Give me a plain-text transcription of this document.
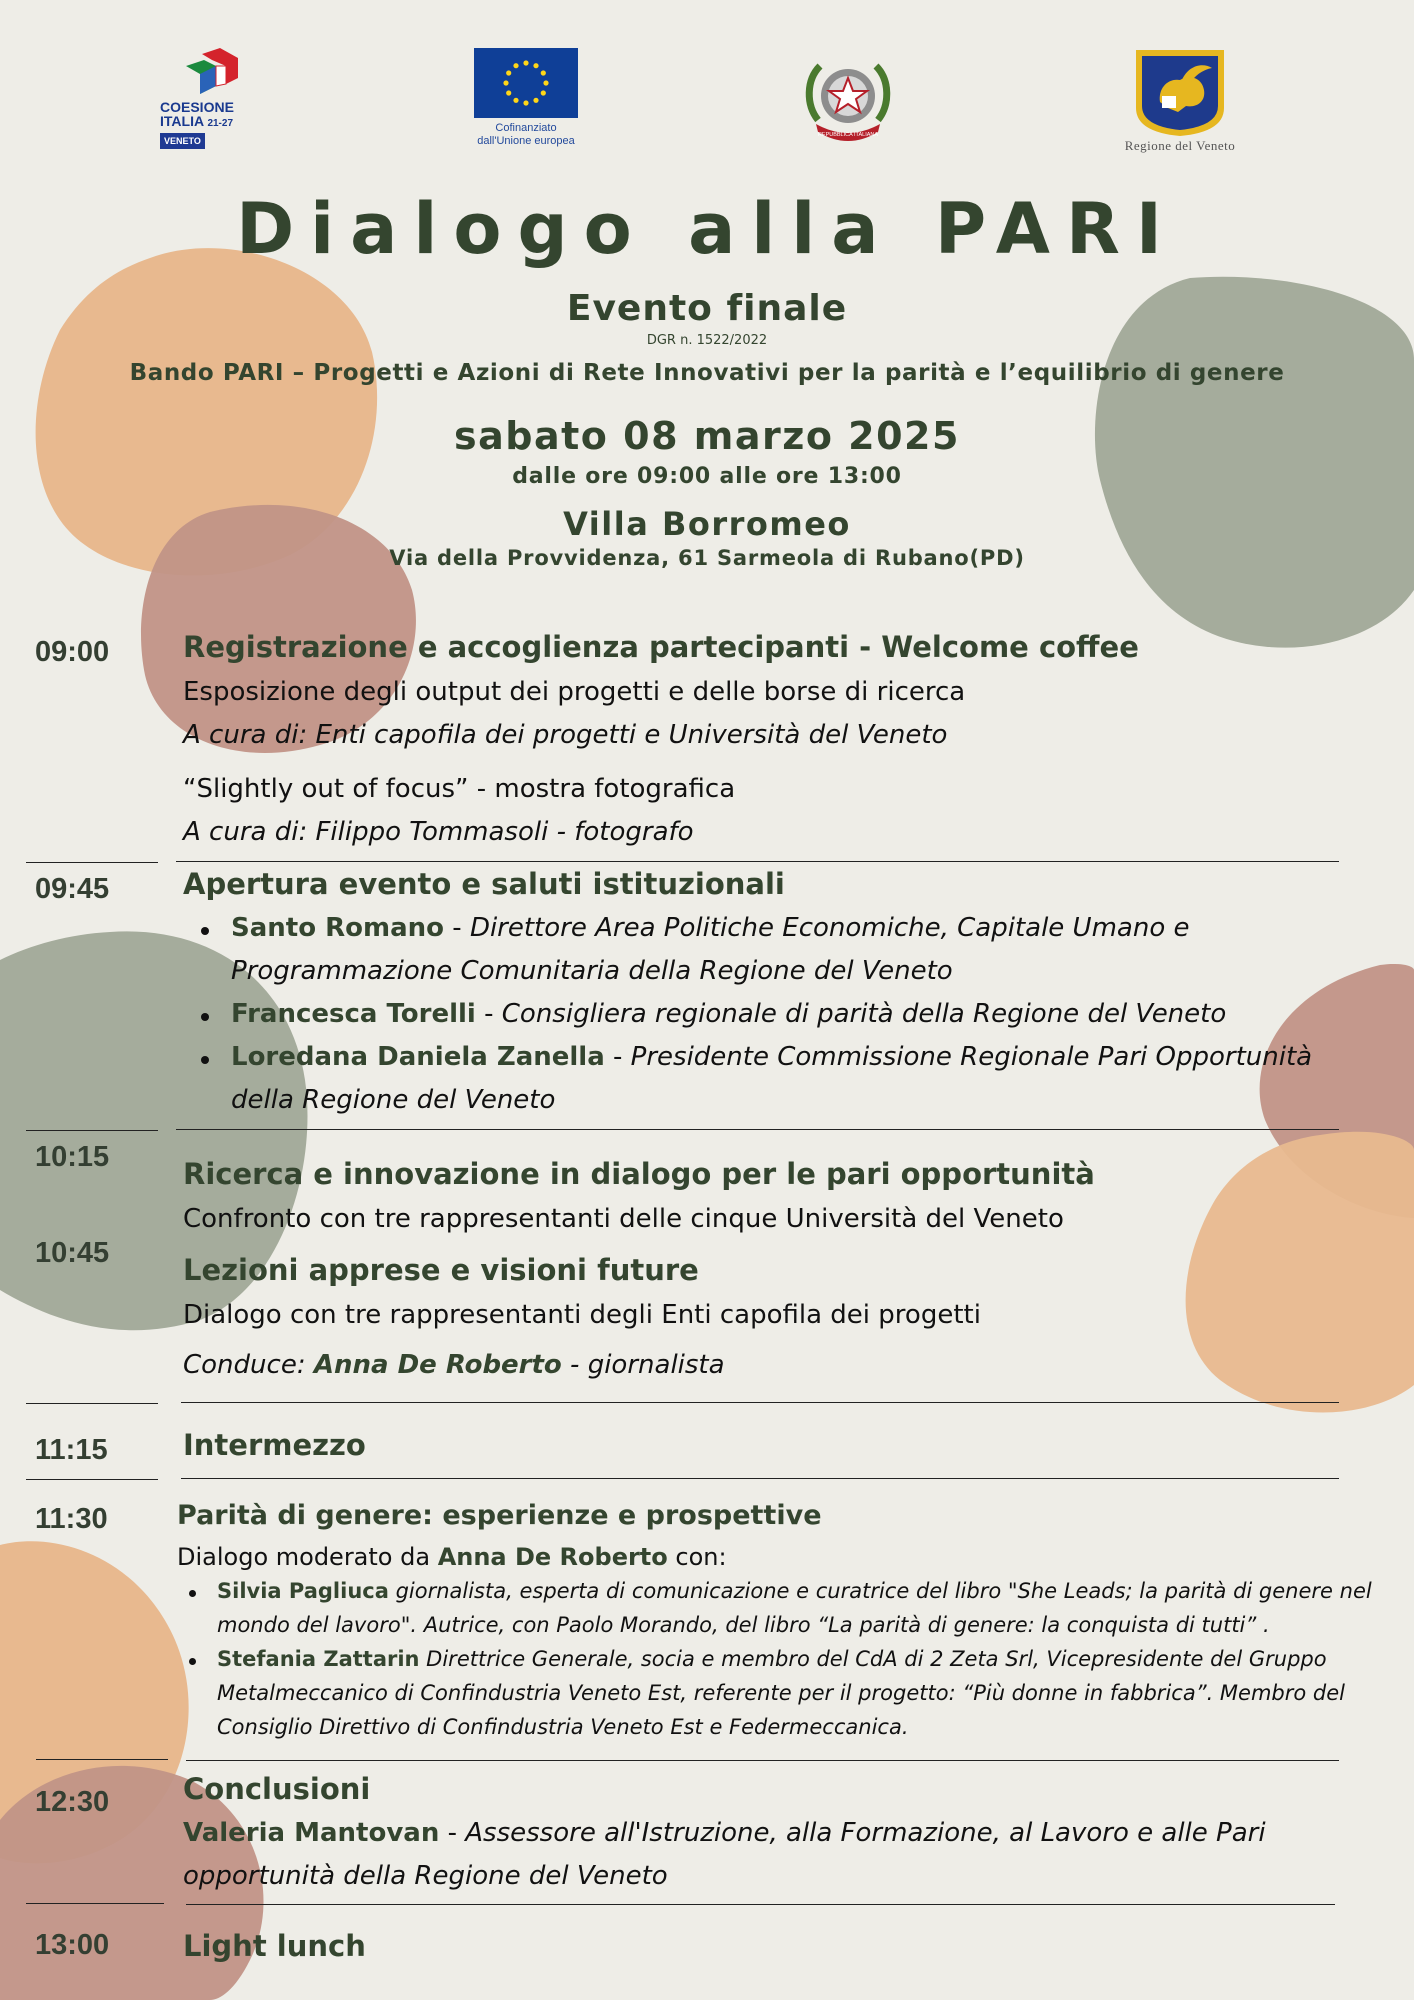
COESIONE
ITALIA 21-27
VENETO
Cofinanziato
dall'Unione europea	REPUBBLICA ITALIANA
Regione del Veneto
Dialogo alla PARI
Evento finale
DGR n. 1522/2022
Bando PARI – Progetti e Azioni di Rete Innovativi per la parità e l’equilibrio di genere
sabato 08 marzo 2025
dalle ore 09:00 alle ore 13:00
Villa Borromeo
Via della Provvidenza, 61 Sarmeola di Rubano(PD)
09:00	Registrazione e accoglienza partecipanti - Welcome coffee
Esposizione degli output dei progetti e delle borse di ricerca
A cura di: Enti capofila dei progetti e Università del Veneto
“Slightly out of focus” - mostra fotografica
A cura di: Filippo Tommasoli - fotografo
09:45	Apertura evento e saluti istituzionali
Santo Romano - Direttore Area Politiche Economiche, Capitale Umano e
Programmazione Comunitaria della Regione del Veneto
Francesca Torelli - Consigliera regionale di parità della Regione del Veneto
Loredana Daniela Zanella - Presidente Commissione Regionale Pari Opportunità
della Regione del Veneto
10:15	Ricerca e innovazione in dialogo per le pari opportunità
Confronto con tre rappresentanti delle cinque Università del Veneto
10:45	Lezioni apprese e visioni future
Dialogo con tre rappresentanti degli Enti capofila dei progetti
Conduce: Anna De Roberto - giornalista
11:15	Intermezzo
11:30	Parità di genere: esperienze e prospettive
Dialogo moderato da Anna De Roberto con:
Silvia Pagliuca giornalista, esperta di comunicazione e curatrice del libro "She Leads; la parità di genere nel
mondo del lavoro". Autrice, con Paolo Morando, del libro “La parità di genere: la conquista di tutti” .
Stefania Zattarin Direttrice Generale, socia e membro del CdA di 2 Zeta Srl, Vicepresidente del Gruppo
Metalmeccanico di Confindustria Veneto Est, referente per il progetto: “Più donne in fabbrica”. Membro del
Consiglio Direttivo di Confindustria Veneto Est e Federmeccanica.
12:30	Conclusioni
Valeria Mantovan - Assessore all'Istruzione, alla Formazione, al Lavoro e alle Pari
opportunità della Regione del Veneto
13:00	Light lunch
